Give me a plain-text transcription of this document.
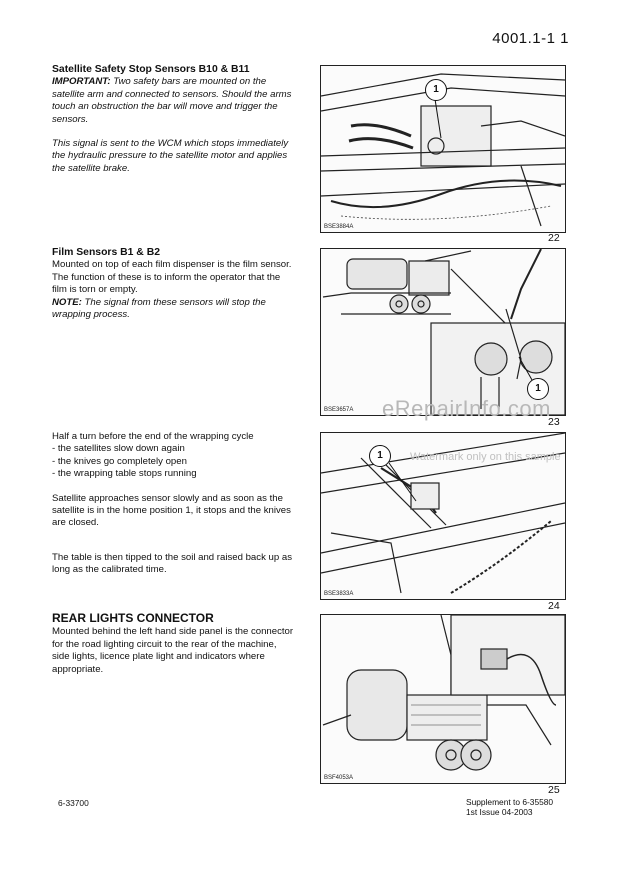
4001.1-1 1
Satellite Safety Stop Sensors B10 & B11
IMPORTANT: Two safety bars are mounted on the satellite arm and connected to sensors. Should the arms touch an obstruction the bar will move and trigger the sensors.
This signal is sent to the WCM which stops immediately the hydraulic pressure to the satellite motor and applies the satellite brake.
Film Sensors B1 & B2
Mounted on top of each film dispenser is the film sensor. The function of these is to inform the operator that the film is torn or empty.
NOTE: The signal from these sensors will stop the wrapping process.
Half a turn before the end of the wrapping cycle
- the satellites slow down again
- the knives go completely open
- the wrapping table stops running
Satellite approaches sensor slowly and as soon as the satellite is in the home position 1, it stops and the knives are closed.
The table is then tipped to the soil and raised back up as long as the calibrated time.
REAR LIGHTS CONNECTOR
Mounted behind the left hand side panel is the connector for the road lighting circuit to the rear of the machine, side lights, licence plate light and indicators where appropriate.
1
BSE3884A
22
1
BSE3657A
23
1
BSE3833A
24
BSF4053A
25
eRepairInfo.com
Watermark only on this sample
6-33700	Supplement to 6-35580
1st Issue 04-2003
